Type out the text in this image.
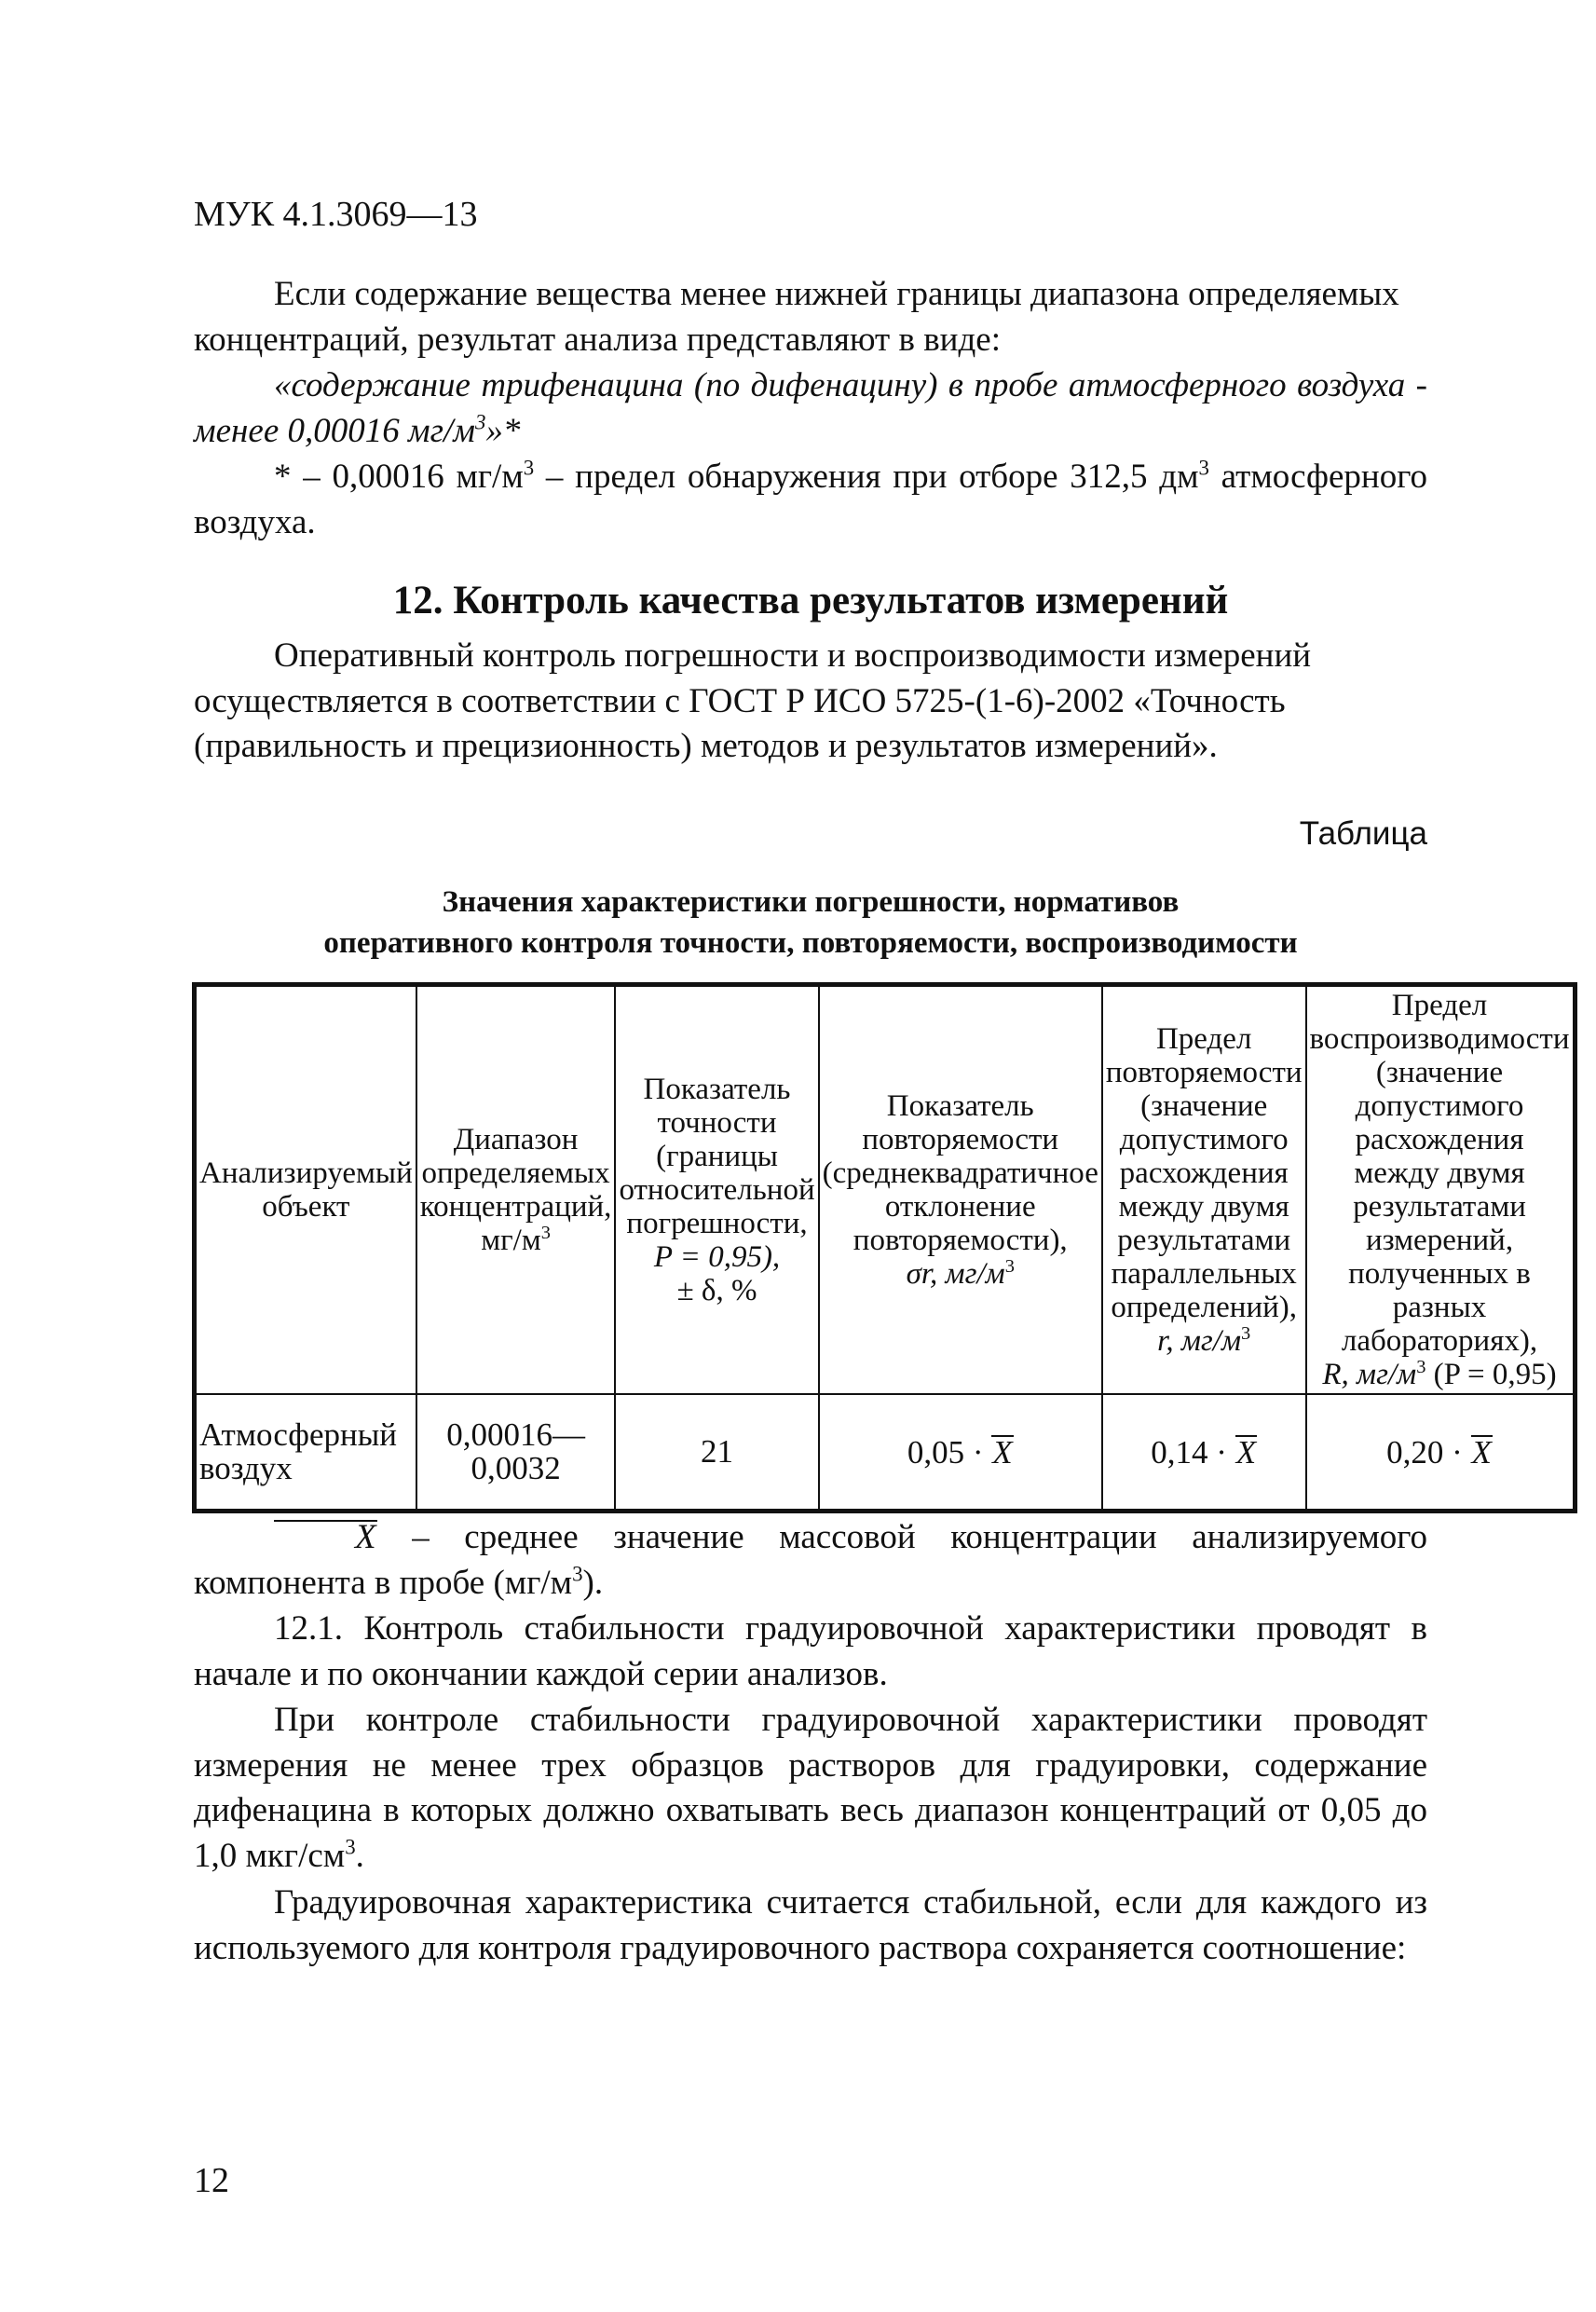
МУК 4.1.3069—13

Если содержание вещества менее нижней границы диапазона определяемых концентраций, результат анализа представляют в виде:

«содержание трифенацина (по дифенацину) в пробе атмосферного воздуха - менее 0,00016 $мг/м^3»*$

* – 0,00016 $мг/м^3$ – предел обнаружения при отборе 312,5 $дм^3$ атмосферного воздуха.

12. Контроль качества результатов измерений

Оперативный контроль погрешности и воспроизводимости измерений осуществляется в соответствии с ГОСТ Р ИСО 5725-(1-6)-2002 «Точность (правильность и прецизионность) методов и результатов измерений».

Таблица
Значения характеристики погрешности, нормативов
оперативного контроля точности, повторяемости, воспроизводимости
Анализируемый объект	Диапазон определяемых концентраций, $мг/м^3$	Показатель точности (границы относительной погрешности,
P = 0,95),
± δ, %	Показатель повторяемости (среднеквадратичное отклонение повторяемости),
σr, $мг/м^3$	Предел повторяемости (значение допустимого расхождения между двумя результатами параллельных определений),
r, $мг/м^3$	Предел воспроизводимости (значение допустимого расхождения между двумя результатами измерений, полученных в разных лабораториях),
R, $мг/м^3$ (P = 0,95)
Атмосферный воздух	0,00016—
0,0032	21	0,05 · X	0,14 · X	0,20 · X

X – среднее значение массовой концентрации анализируемого компонента в пробе $(мг/м^3)$.

12.1. Контроль стабильности градуировочной характеристики проводят в начале и по окончании каждой серии анализов.

При контроле стабильности градуировочной характеристики проводят измерения не менее трех образцов растворов для градуировки, содержание дифенацина в которых должно охватывать весь диапазон концентраций от 0,05 до 1,0 мкг/$см^3$.

Градуировочная характеристика считается стабильной, если для каждого из используемого для контроля градуировочного раствора сохраняется соотношение:

12
